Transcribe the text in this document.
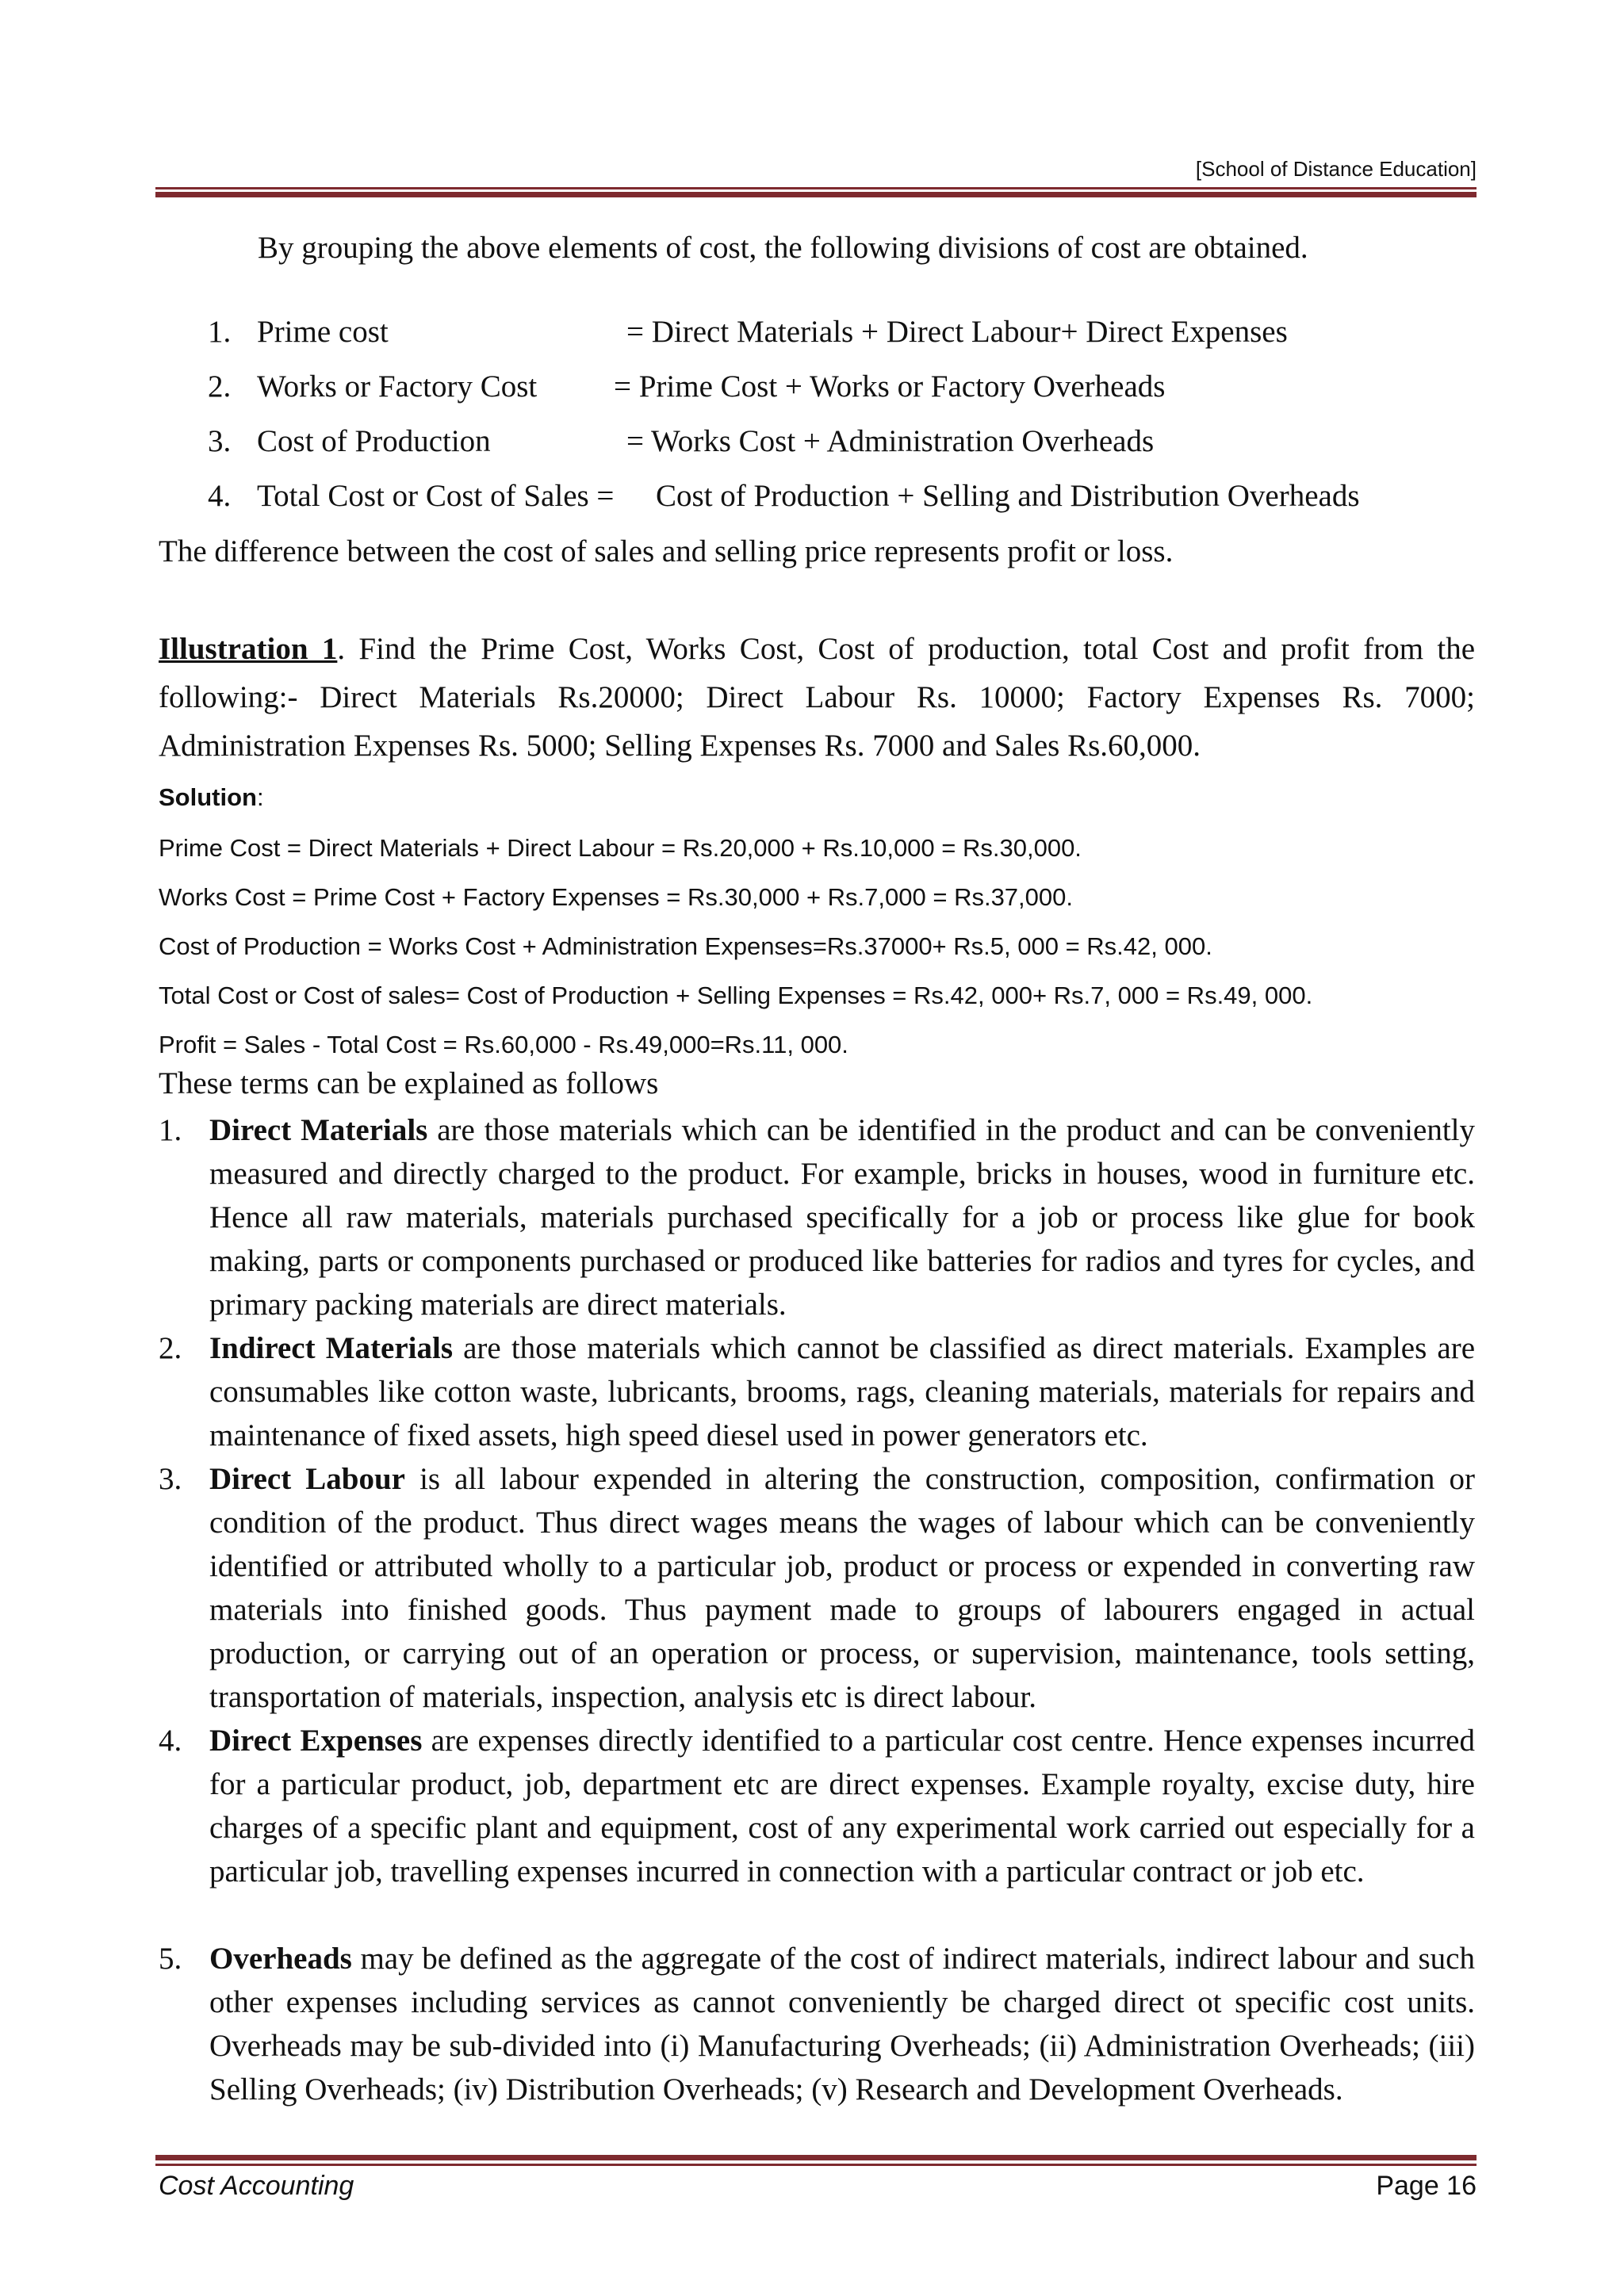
[School of Distance Education]
By grouping the above elements of cost, the following divisions of cost are obtained.
1. Prime cost	= Direct Materials + Direct Labour+ Direct Expenses
2. Works or Factory Cost = Prime Cost + Works or Factory Overheads
3. Cost of Production	= Works Cost + Administration Overheads
4. Total Cost or Cost of Sales = Cost of Production + Selling and Distribution Overheads
The difference between the cost of sales and selling price represents profit or loss.
Illustration 1. Find the Prime Cost, Works Cost, Cost of production, total Cost and profit from the following:- Direct Materials Rs.20000; Direct Labour Rs. 10000; Factory Expenses Rs. 7000; Administration Expenses Rs. 5000; Selling Expenses Rs. 7000 and Sales Rs.60,000.
Solution:
Prime Cost = Direct Materials + Direct Labour = Rs.20,000 + Rs.10,000 = Rs.30,000.
Works Cost = Prime Cost + Factory Expenses = Rs.30,000 + Rs.7,000 = Rs.37,000.
Cost of Production = Works Cost + Administration Expenses=Rs.37000+ Rs.5, 000 = Rs.42, 000.
Total Cost or Cost of sales= Cost of Production + Selling Expenses = Rs.42, 000+ Rs.7, 000 = Rs.49, 000.
Profit = Sales - Total Cost = Rs.60,000 - Rs.49,000=Rs.11, 000.
These terms can be explained as follows
1. Direct Materials are those materials which can be identified in the product and can be conveniently measured and directly charged to the product. For example, bricks in houses, wood in furniture etc. Hence all raw materials, materials purchased specifically for a job or process like glue for book making, parts or components purchased or produced like batteries for radios and tyres for cycles, and primary packing materials are direct materials.
2. Indirect Materials are those materials which cannot be classified as direct materials. Examples are consumables like cotton waste, lubricants, brooms, rags, cleaning materials, materials for repairs and maintenance of fixed assets, high speed diesel used in power generators etc.
3. Direct Labour is all labour expended in altering the construction, composition, confirmation or condition of the product. Thus direct wages means the wages of labour which can be conveniently identified or attributed wholly to a particular job, product or process or expended in converting raw materials into finished goods. Thus payment made to groups of labourers engaged in actual production, or carrying out of an operation or process, or supervision, maintenance, tools setting, transportation of materials, inspection, analysis etc is direct labour.
4. Direct Expenses are expenses directly identified to a particular cost centre. Hence expenses incurred for a particular product, job, department etc are direct expenses. Example royalty, excise duty, hire charges of a specific plant and equipment, cost of any experimental work carried out especially for a particular job, travelling expenses incurred in connection with a particular contract or job etc.
5. Overheads may be defined as the aggregate of the cost of indirect materials, indirect labour and such other expenses including services as cannot conveniently be charged direct ot specific cost units. Overheads may be sub-divided into (i) Manufacturing Overheads; (ii) Administration Overheads; (iii) Selling Overheads; (iv) Distribution Overheads; (v) Research and Development Overheads.
Cost Accounting	Page 16
